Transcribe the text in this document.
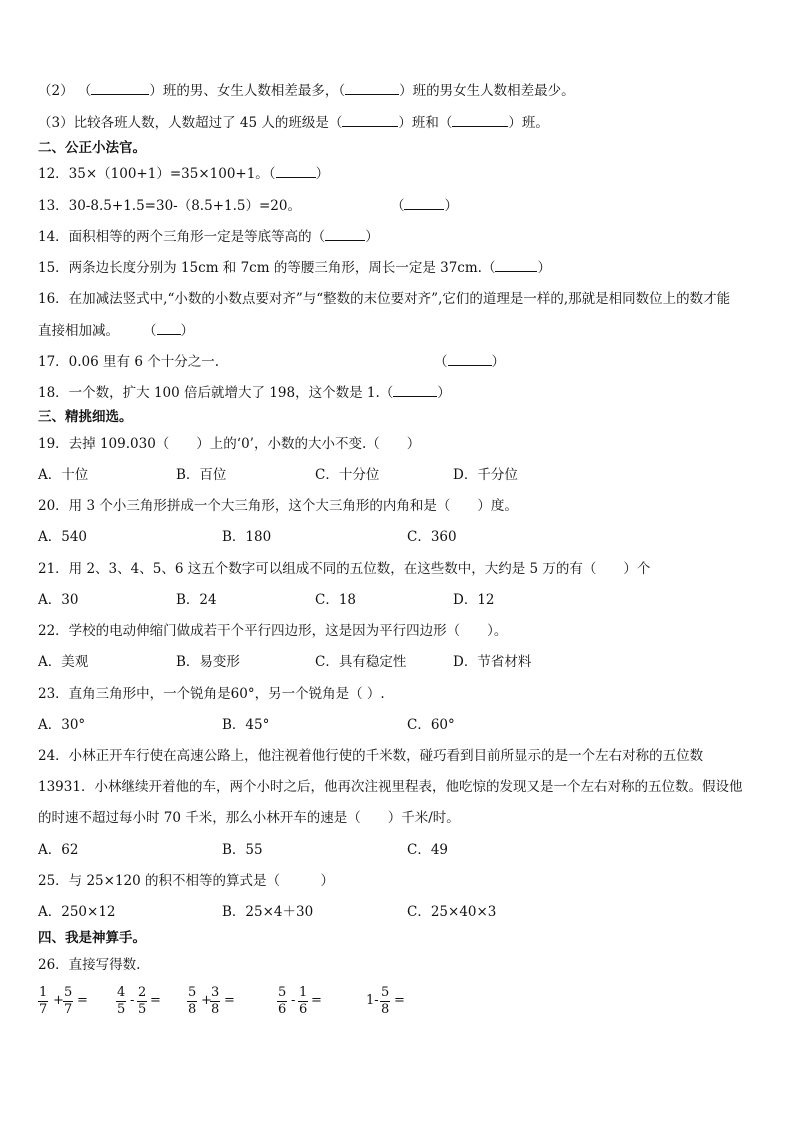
（2） （	）班的男、女生人数相差最多，（	）班的男女生人数相差最少。
（3）比较各班人数，人数超过了 45 人的班级是（	）班和（	）班。
二、公正小法官。
12．35×（100+1）=35×100+1。（	）
13．30-8.5+1.5=30-（8.5+1.5）=20。	（	）
14．面积相等的两个三角形一定是等底等高的（	）
15．两条边长度分别为 15cm 和 7cm 的等腰三角形，周长一定是 37cm.（	）
16．在加减法竖式中,“小数的小数点要对齐”与“整数的末位要对齐”,它们的道理是一样的,那就是相同数位上的数才能
直接相加减。 （ ）
17．0.06 里有 6 个十分之一.	（	）
18．一个数，扩大 100 倍后就增大了 198，这个数是 1.（	）
三、精挑细选。
19．去掉 109.030（　　）上的‘0’，小数的大小不变.（　　）
A．十位	B．百位	C．十分位	D．千分位
20．用 3 个小三角形拼成一个大三角形，这个大三角形的内角和是（　　）度。
A．540	B．180	C．360
21．用 2、3、4、5、6 这五个数字可以组成不同的五位数，在这些数中，大约是 5 万的有（　　）个
A．30	B．24	C．18	D．12
22．学校的电动伸缩门做成若干个平行四边形，这是因为平行四边形（　　）。
A．美观	B．易变形	C．具有稳定性	D．节省材料
23．直角三角形中，一个锐角是60°，另一个锐角是（ ）.
A．30°	B．45°	C．60°
24．小林正开车行使在高速公路上，他注视着他行使的千米数，碰巧看到目前所显示的是一个左右对称的五位数
13931．小林继续开着他的车，两个小时之后，他再次注视里程表，他吃惊的发现又是一个左右对称的五位数。假设他
的时速不超过每小时 70 千米，那么小林开车的速是（　　）千米/时。
A．62	B．55	C．49
25．与 25×120 的积不相等的算式是（　　　）
A．250×12	B．25×4＋30	C．25×40×3
四、我是神算手。
26．直接写得数.
$\frac{1}{7} + \frac{5}{7} = \frac{4}{5} - \frac{2}{5} = \frac{5}{8}$ +
$\frac{3}{8}$ =	$\frac{5}{6} - \frac{1}{6}$ =	$1- \frac{5}{8}$ =
